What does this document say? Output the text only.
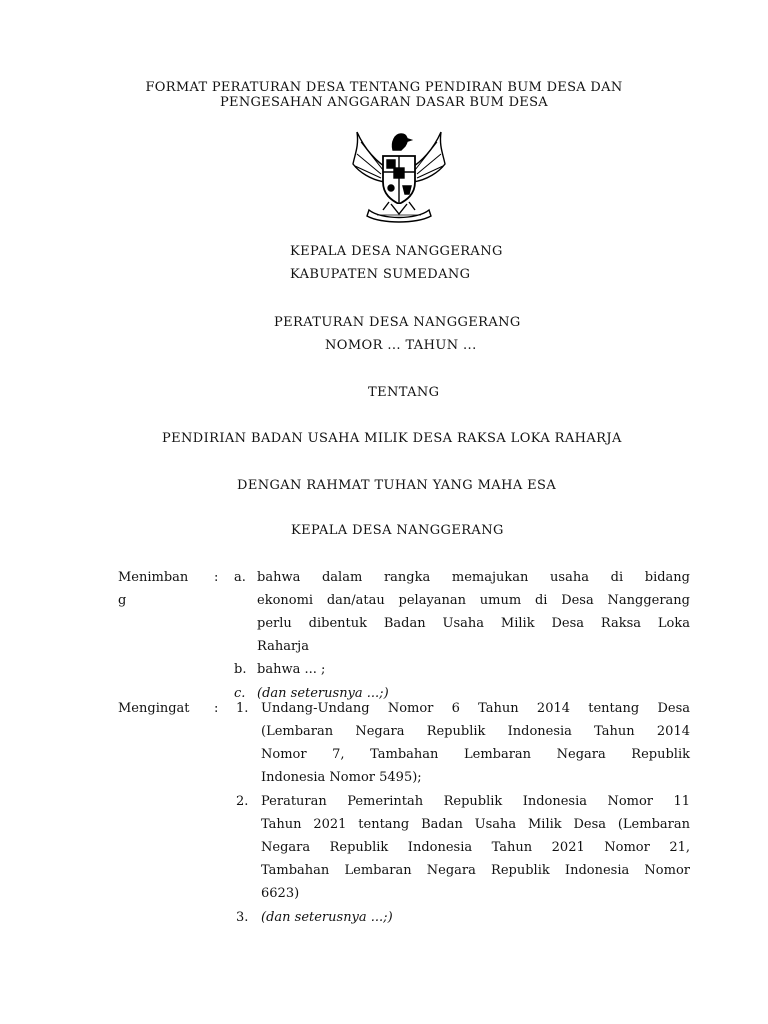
FORMAT PERATURAN DESA TENTANG PENDIRAN BUM DESA DAN
PENGESAHAN ANGGARAN DASAR BUM DESA
KEPALA DESA NANGGERANG
KABUPATEN SUMEDANG
PERATURAN DESA NANGGERANG
NOMOR ... TAHUN ...
TENTANG
PENDIRIAN BADAN USAHA MILIK DESA RAKSA LOKA RAHARJA
DENGAN RAHMAT TUHAN YANG MAHA ESA
KEPALA DESA NANGGERANG
Menimban
g
: a. bahwa dalam rangka memajukan usaha di bidang
ekonomi dan/atau pelayanan umum di Desa Nanggerang
perlu dibentuk Badan Usaha Milik Desa Raksa Loka
Raharja
b. bahwa ... ;
c. (dan seterusnya ...;)
Mengingat	: 1. Undang-Undang Nomor 6 Tahun 2014 tentang Desa
(Lembaran Negara Republik Indonesia Tahun 2014
Nomor 7, Tambahan Lembaran Negara Republik
Indonesia Nomor 5495);
2. Peraturan Pemerintah Republik Indonesia Nomor 11
Tahun 2021 tentang Badan Usaha Milik Desa (Lembaran
Negara Republik Indonesia Tahun 2021 Nomor 21,
Tambahan Lembaran Negara Republik Indonesia Nomor
6623)
3. (dan seterusnya ...;)
